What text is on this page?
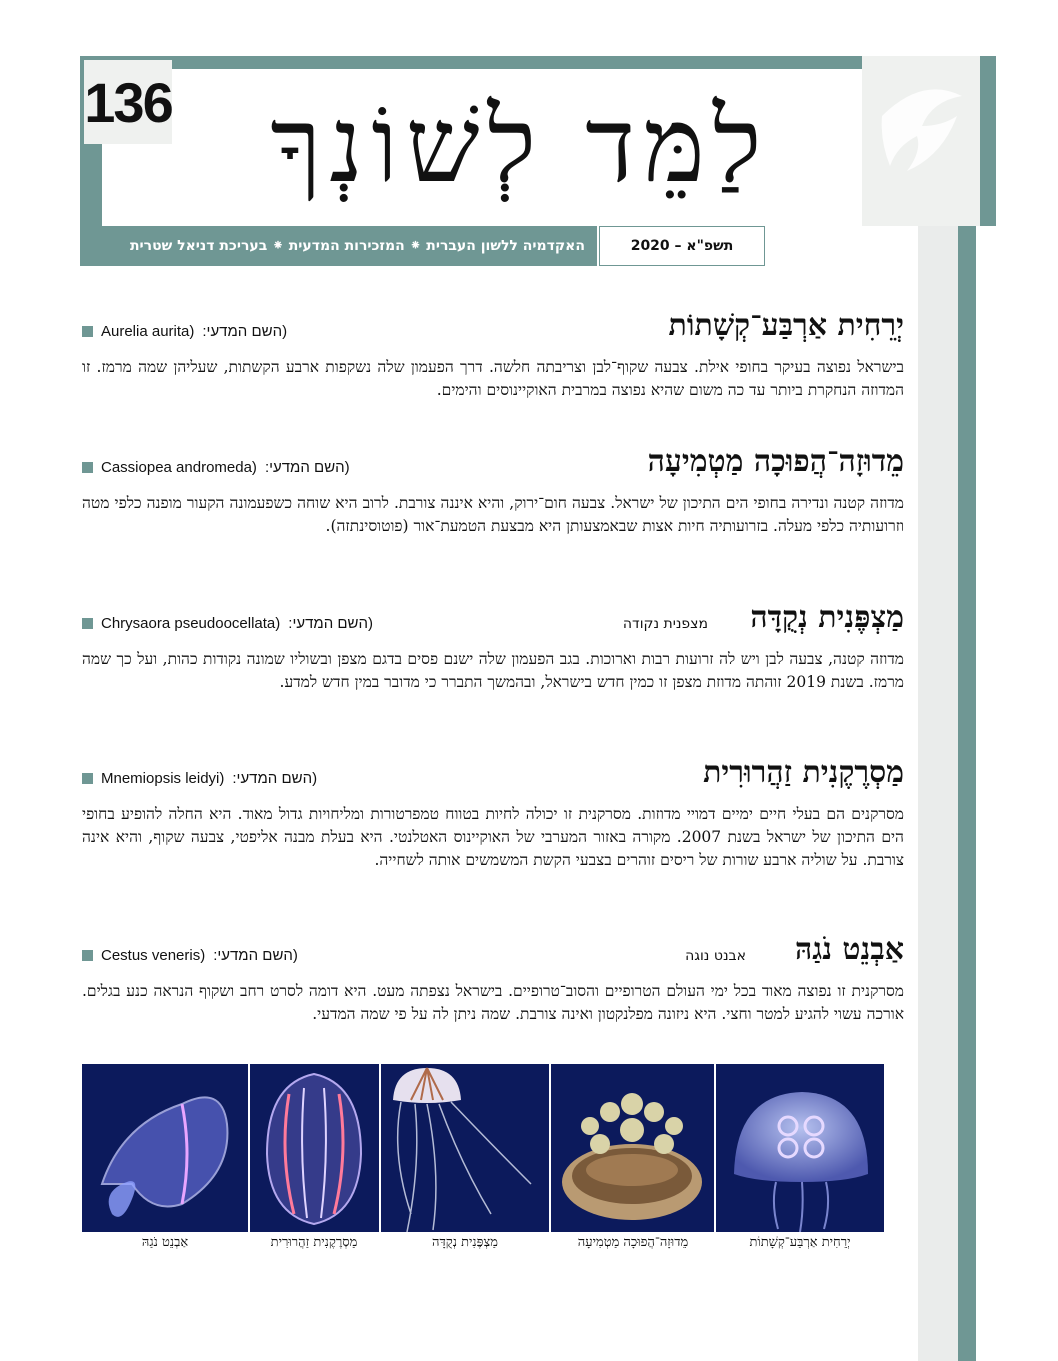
136 לַמֵּד לְשׁוֹנְךָ
האקדמיה ללשון העברית ⁕ המזכירות המדעית ⁕ בעריכת דניאל שטרית	תשפ"א – 2020
יְרֵחִית אַרְבַּע־קְשָׁתוֹת
Aurelia aurita) (השם המדעי:
בישראל נפוצה בעיקר בחופי אילת. צבעה שקוף־לבן וצריבתה חלשה. דרך הפעמון שלה נשקפות ארבע הקשתות, שעליהן שמה מרמז. זו המדוזה הנחקרת ביותר עד כה משום שהיא נפוצה במרבית האוקיינוסים והימים.
מֵדוּזָה־הֲפוּכָה מַטְמִיעָה
Cassiopea andromeda) (השם המדעי:
מדוזה קטנה ונדירה בחופי הים התיכון של ישראל. צבעה חום־ירוק, והיא איננה צורבת. לרוב היא שוחה כשפעמונה הקעור מופנה כלפי מטה וזרועותיה כלפי מעלה. בזרועותיה חיות אצות שבאמצעותן היא מבצעת הטמעת־אור (פוטוסינתזה).
מַצְפֶּנִית נְקֻדָּה
מצפנית נקודה
Chrysaora pseudoocellata) (השם המדעי:
מדוזה קטנה, צבעה לבן ויש לה זרועות רבות וארוכות. בגב הפעמון שלה ישנם פסים בדגם מצפן ובשוליו שמונה נקודות כהות, ועל כך שמה מרמז. בשנת 2019 זוהתה מדוזת מצפן זו כמין חדש בישראל, ובהמשך התברר כי מדובר במין חדש למדע.
מַסְרֶקֶנִית זַהֲרוּרִית
Mnemiopsis leidyi) (השם המדעי:
מסרקנים הם בעלי חיים ימיים דמויי מדוזות. מסרקנית זו יכולה לחיות בטווח טמפרטורות ומליחויות גדול מאוד. היא החלה להופיע בחופי הים התיכון של ישראל בשנת 2007. מקורה באזור המערבי של האוקיינוס האטלנטי. היא בעלת מבנה אליפטי, צבעה שקוף, והיא אינה צורבת. על שוליה ארבע שורות של ריסים זוהרים בצבעי הקשת המשמשים אותה לשחייה.
אַבְנֵט נֹגַהּ
אבנט נוגה
Cestus veneris) (השם המדעי:
מסרקנית זו נפוצה מאוד בכל ימי העולם הטרופיים והסוב־טרופיים. בישראל נצפתה מעט. היא דומה לסרט רחב ושקוף הנראה כנע בגלים. אורכה עשוי להגיע למטר וחצי. היא ניזונה מפלנקטון ואינה צורבת. שמה ניתן לה על פי שמה המדעי.
יְרֵחִית אַרְבַּע־קְשָׁתוֹת
מֵדוּזָה־הֲפוּכָה מַטְמִיעָה
מַצְפֶּנִית נְקֻדָּה
מַסְרֶקֶנִית זַהֲרוּרִית
אַבְנֵט נֹגַהּ
